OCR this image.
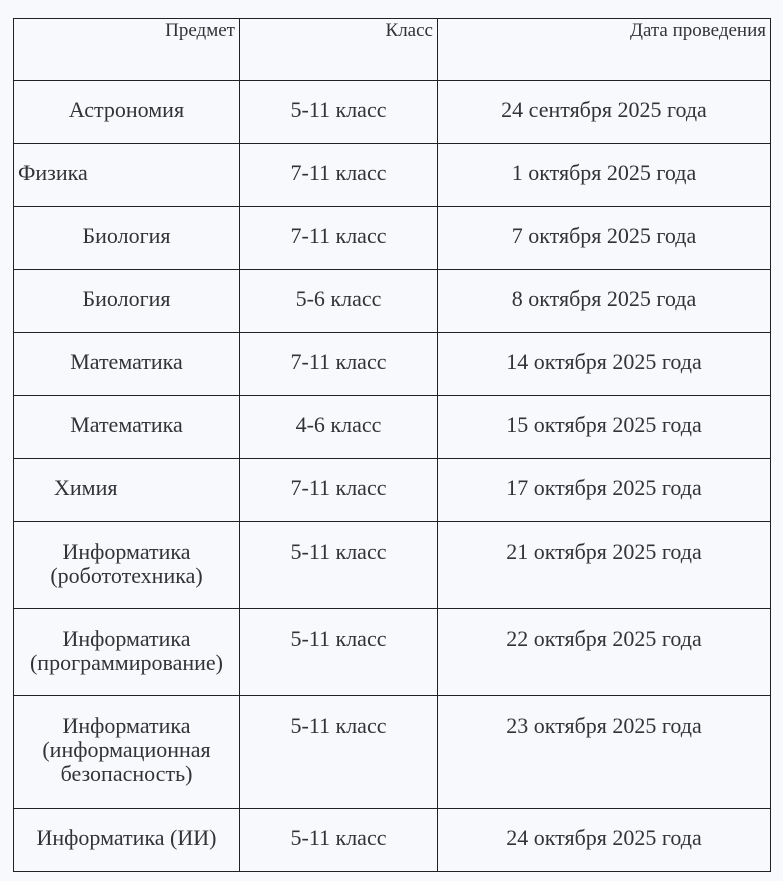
Предмет	Класс	Дата проведения
Астрономия	5-11 класс	24 сентября 2025 года
Физика	7-11 класс	1 октября 2025 года
Биология	7-11 класс	7 октября 2025 года
Биология	5-6 класс	8 октября 2025 года
Математика	7-11 класс	14 октября 2025 года
Математика	4-6 класс	15 октября 2025 года
Химия	7-11 класс	17 октября 2025 года
Информатика (робототехника)	5-11 класс	21 октября 2025 года
Информатика (программирование)	5-11 класс	22 октября 2025 года
Информатика (информационная безопасность)	5-11 класс	23 октября 2025 года
Информатика (ИИ)	5-11 класс	24 октября 2025 года
